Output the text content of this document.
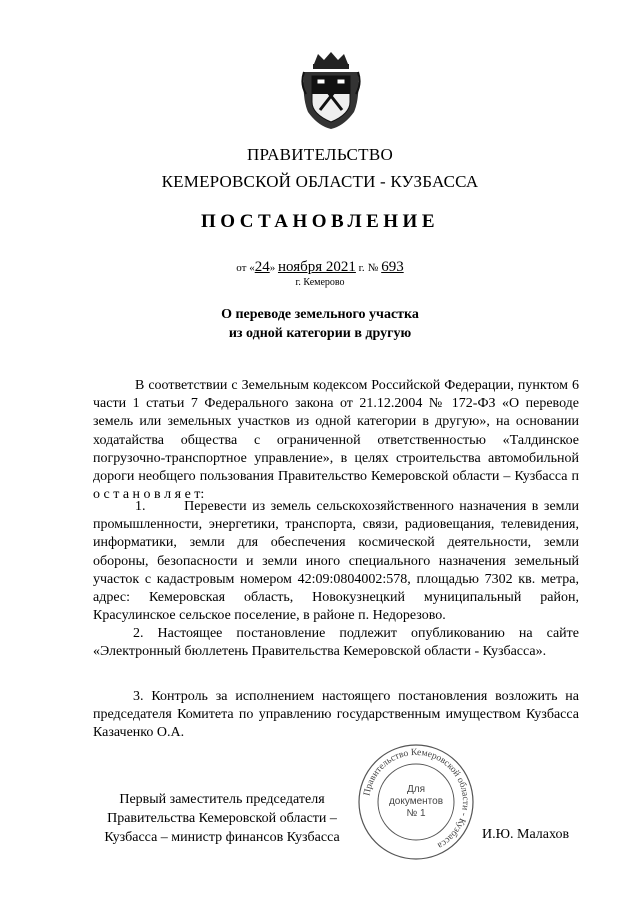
ПРАВИТЕЛЬСТВО
КЕМЕРОВСКОЙ ОБЛАСТИ - КУЗБАССА
ПОСТАНОВЛЕНИЕ
от «24» ноября 2021 г. № 693
г. Кемерово
О переводе земельного участка
из одной категории в другую

В соответствии с Земельным кодексом Российской Федерации, пунктом 6 части 1 статьи 7 Федерального закона от 21.12.2004 № 172-ФЗ «О переводе земель или земельных участков из одной категории в другую», на основании ходатайства общества с ограниченной ответственностью «Талдинское погрузочно-транспортное управление», в целях строительства автомобильной дороги необщего пользования Правительство Кемеровской области – Кузбасса п о с т а н о в л я е т:

1.	Перевести из земель сельскохозяйственного назначения в земли промышленности, энергетики, транспорта, связи, радиовещания, телевидения, информатики, земли для обеспечения космической деятельности, земли обороны, безопасности и земли иного специального назначения земельный участок с кадастровым номером 42:09:0804002:578, площадью 7302 кв. метра, адрес: Кемеровская область, Новокузнецкий муниципальный район, Красулинское сельское поселение, в районе п. Недорезово.

2. Настоящее постановление подлежит опубликованию на сайте «Электронный бюллетень Правительства Кемеровской области - Кузбасса».

3. Контроль за исполнением настоящего постановления возложить на председателя Комитета по управлению государственным имуществом Кузбасса Казаченко О.А.

Первый заместитель председателя
Правительства Кемеровской области –
Кузбасса – министр финансов Кузбасса	И.Ю. Малахов
Правительство Кемеровской области - Кузбасса
Для
документов
№ 1
